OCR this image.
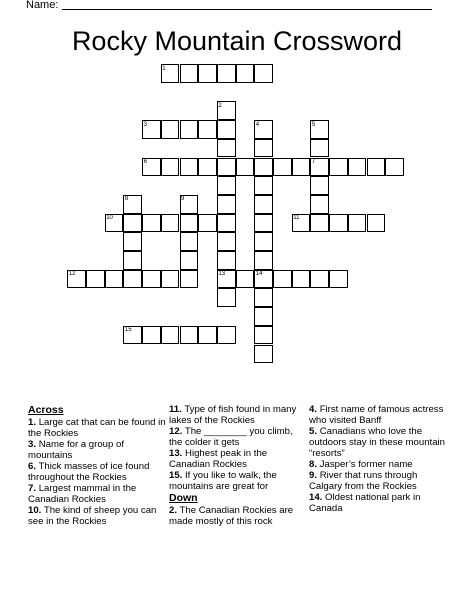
Name:
Rocky Mountain Crossword
1
2
3	4	5
6	7
8	9
10	11
12	13	14
15

Across

1. Large cat that can be found in the Rockies

3. Name for a group of mountains

6. Thick masses of ice found throughout the Rockies

7. Largest mammal in the Canadian Rockies

10. The kind of sheep you can see in the Rockies

11. Type of fish found in many lakes of the Rockies

12. The ________ you climb, the colder it gets

13. Highest peak in the Canadian Rockies

15. If you like to walk, the mountains are great for

Down

2. The Canadian Rockies are made mostly of this rock

4. First name of famous actress who visited Banff

5. Canadians who love the outdoors stay in these mountain “resorts”

8. Jasper’s former name

9. River that runs through Calgary from the Rockies

14. Oldest national park in Canada
